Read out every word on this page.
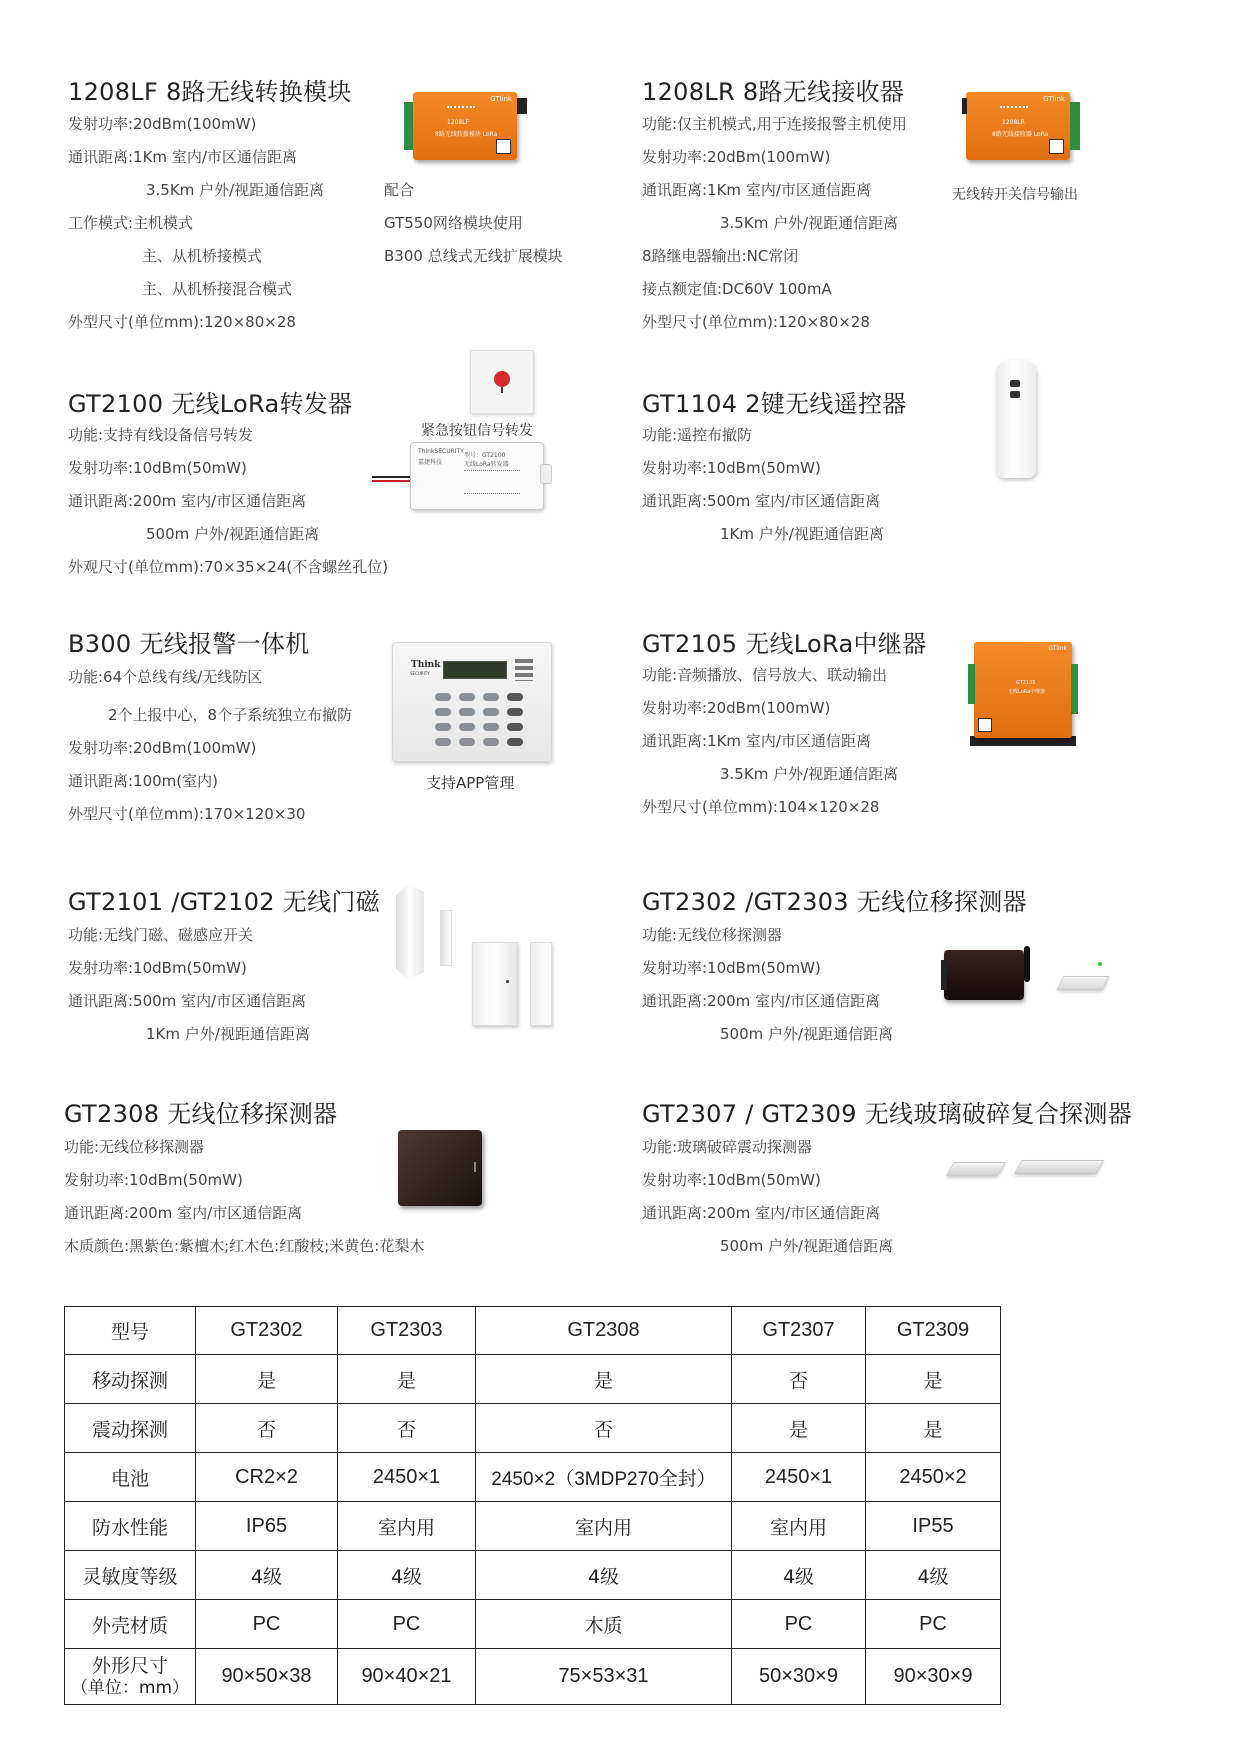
1208LF 8路无线转换模块
发射功率:20dBm(100mW)
通讯距离:1Km 室内/市区通信距离
3.5Km 户外/视距通信距离
工作模式:主机模式
主、从机桥接模式
主、从机桥接混合模式
外型尺寸(单位mm):120×80×28
配合
GT550网络模块使用
B300 总线式无线扩展模块
GTlink
1208LF
8路无线转换模块 LoRa
1208LR 8路无线接收器
功能:仅主机模式,用于连接报警主机使用
发射功率:20dBm(100mW)
通讯距离:1Km 室内/市区通信距离
3.5Km 户外/视距通信距离
8路继电器输出:NC常闭
接点额定值:DC60V 100mA
外型尺寸(单位mm):120×80×28
无线转开关信号输出
GTlink
1208LR
8路无线接收器 LoRa
GT2100 无线LoRa转发器
功能:支持有线设备信号转发
发射功率:10dBm(50mW)
通讯距离:200m 室内/市区通信距离
500m 户外/视距通信距离
外观尺寸(单位mm):70×35×24(不含螺丝孔位)
紧急按钮信号转发
ThinkSECURITY
嘉捷科技
型号：GT2100
无线LoRa转发器
GT1104 2键无线遥控器
功能:遥控布撤防
发射功率:10dBm(50mW)
通讯距离:500m 室内/市区通信距离
1Km 户外/视距通信距离
B300 无线报警一体机
功能:64个总线有线/无线防区
2个上报中心，8个子系统独立布撤防
发射功率:20dBm(100mW)
通讯距离:100m(室内)
外型尺寸(单位mm):170×120×30
支持APP管理
Think
SECURITY
GT2105 无线LoRa中继器
功能:音频播放、信号放大、联动输出
发射功率:20dBm(100mW)
通讯距离:1Km 室内/市区通信距离
3.5Km 户外/视距通信距离
外型尺寸(单位mm):104×120×28
GTlink
GT2105
无线LoRa中继器
GT2101 /GT2102 无线门磁
功能:无线门磁、磁感应开关
发射功率:10dBm(50mW)
通讯距离:500m 室内/市区通信距离
1Km 户外/视距通信距离
GT2302 /GT2303 无线位移探测器
功能:无线位移探测器
发射功率:10dBm(50mW)
通讯距离:200m 室内/市区通信距离
500m 户外/视距通信距离
GT2308 无线位移探测器
功能:无线位移探测器
发射功率:10dBm(50mW)
通讯距离:200m 室内/市区通信距离
木质颜色:黑紫色:紫檀木;红木色:红酸枝;米黄色:花梨木
GT2307 / GT2309 无线玻璃破碎复合探测器
功能:玻璃破碎震动探测器
发射功率:10dBm(50mW)
通讯距离:200m 室内/市区通信距离
500m 户外/视距通信距离
型号	GT2302	GT2303	GT2308	GT2307	GT2309
移动探测	是	是	是	否	是
震动探测	否	否	否	是	是
电池	CR2×2	2450×1	2450×2（3MDP270全封）	2450×1	2450×2
防水性能	IP65	室内用	室内用	室内用	IP55
灵敏度等级	4级	4级	4级	4级	4级
外壳材质	PC	PC	木质	PC	PC

外形尺寸
（单位：mm）	90×50×38	90×40×21	75×53×31	50×30×9	90×30×9
